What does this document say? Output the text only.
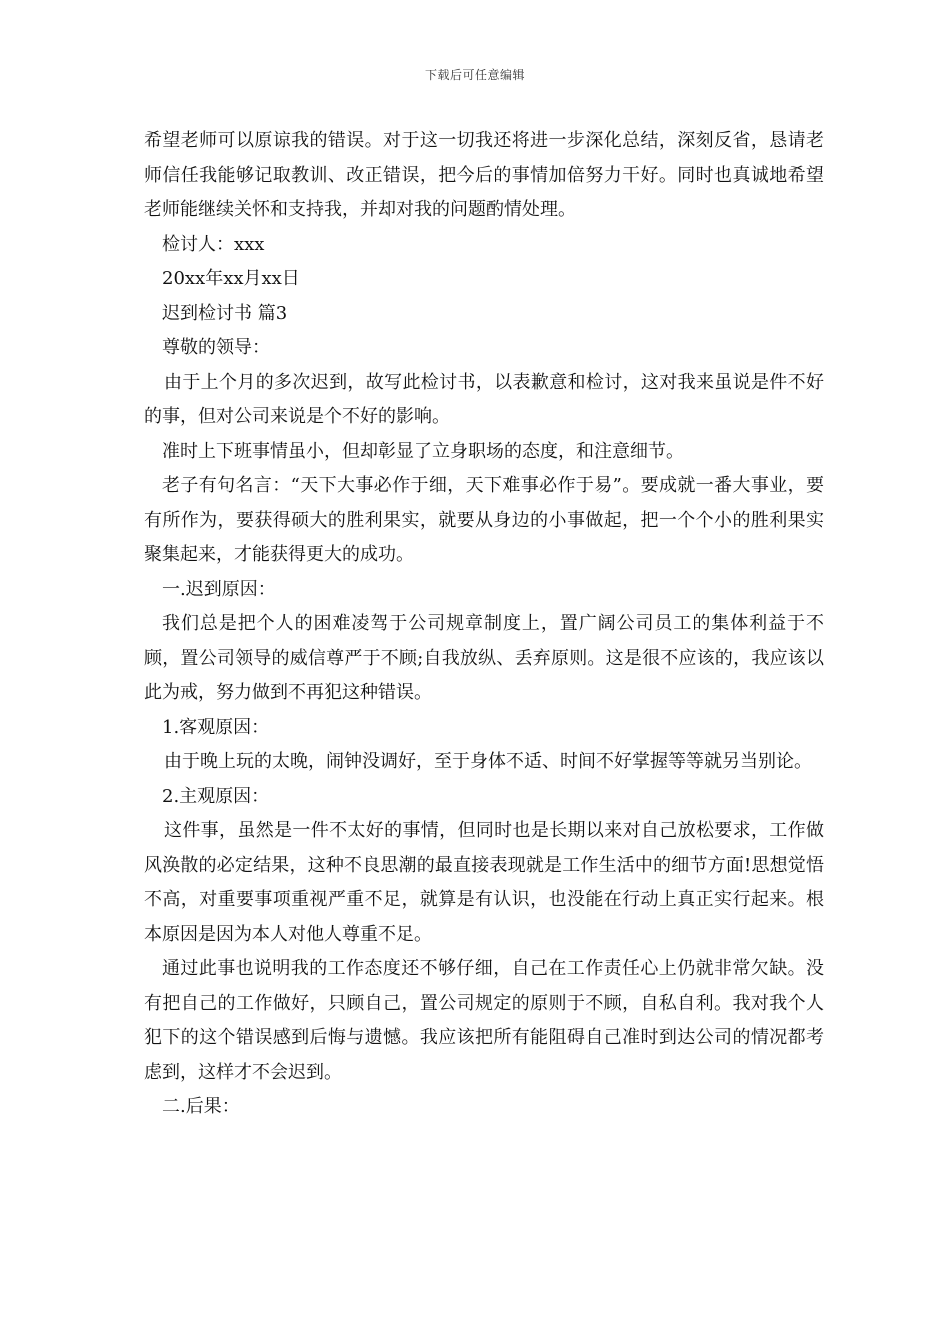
下载后可任意编辑

希望老师可以原谅我的错误。对于这一切我还将进一步深化总结，深刻反省，恳请老师信任我能够记取教训、改正错误，把今后的事情加倍努力干好。同时也真诚地希望老师能继续关怀和支持我，并却对我的问题酌情处理。

检讨人：xxx

20xx年xx月xx日

迟到检讨书 篇3

尊敬的领导：

由于上个月的多次迟到，故写此检讨书，以表歉意和检讨，这对我来虽说是件不好的事，但对公司来说是个不好的影响。

准时上下班事情虽小，但却彰显了立身职场的态度，和注意细节。

老子有句名言：“天下大事必作于细，天下难事必作于易”。要成就一番大事业，要有所作为，要获得硕大的胜利果实，就要从身边的小事做起，把一个个小的胜利果实聚集起来，才能获得更大的成功。

一.迟到原因：

我们总是把个人的困难凌驾于公司规章制度上，置广阔公司员工的集体利益于不顾，置公司领导的威信尊严于不顾;自我放纵、丢弃原则。这是很不应该的，我应该以此为戒，努力做到不再犯这种错误。

1.客观原因：

由于晚上玩的太晚，闹钟没调好，至于身体不适、时间不好掌握等等就另当别论。

2.主观原因：

这件事，虽然是一件不太好的事情，但同时也是长期以来对自己放松要求，工作做风涣散的必定结果，这种不良思潮的最直接表现就是工作生活中的细节方面!思想觉悟不高，对重要事项重视严重不足，就算是有认识，也没能在行动上真正实行起来。根本原因是因为本人对他人尊重不足。

通过此事也说明我的工作态度还不够仔细，自己在工作责任心上仍就非常欠缺。没有把自己的工作做好，只顾自己，置公司规定的原则于不顾，自私自利。我对我个人犯下的这个错误感到后悔与遗憾。我应该把所有能阻碍自己准时到达公司的情况都考虑到，这样才不会迟到。

二.后果：
